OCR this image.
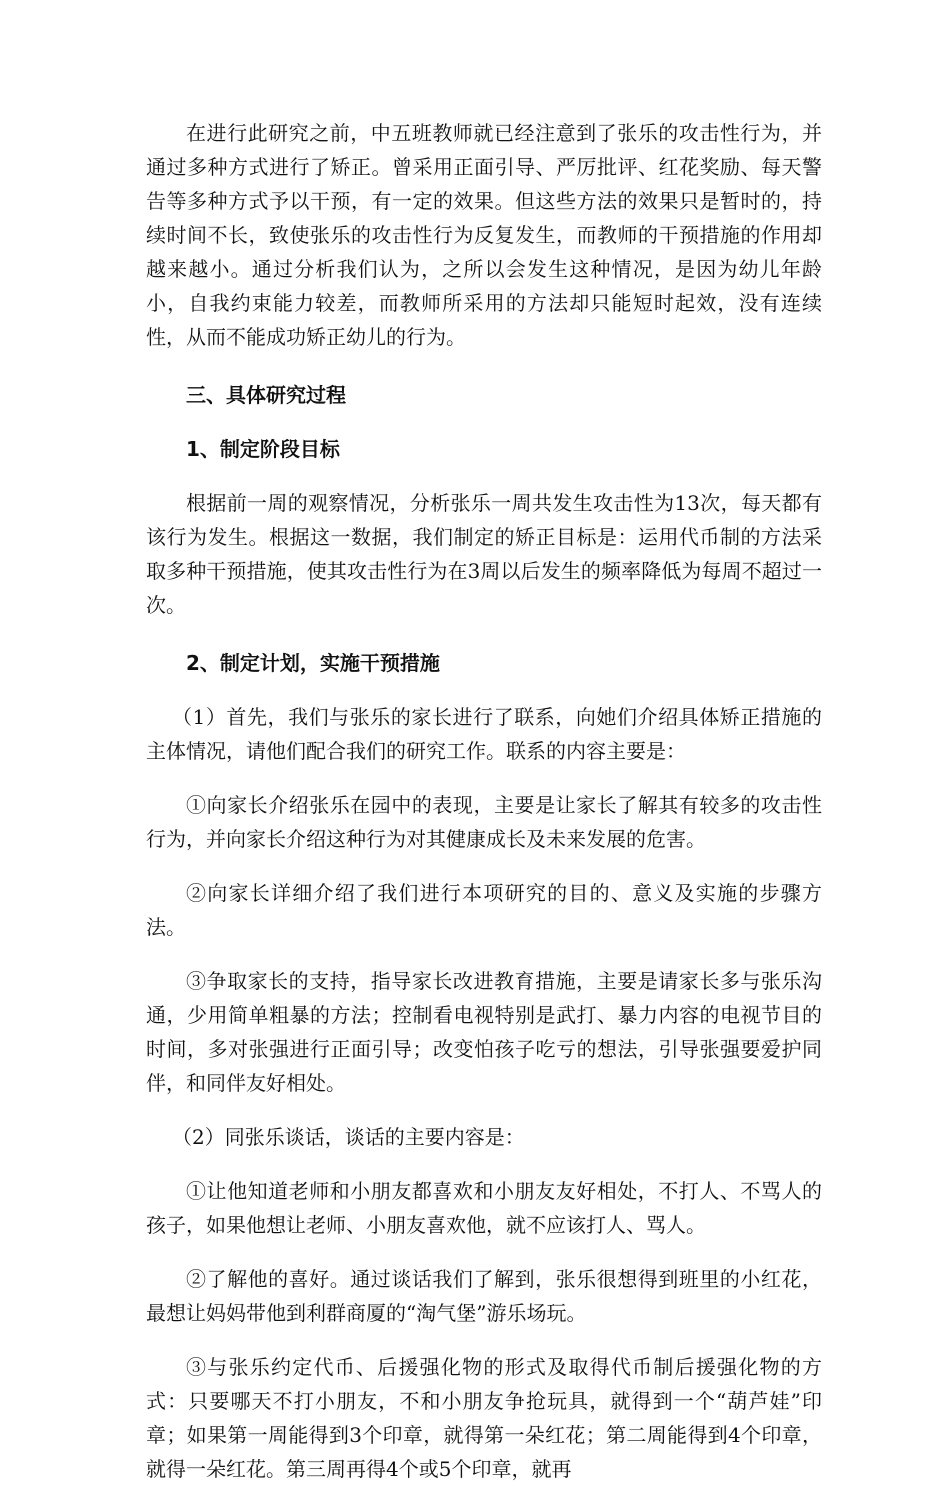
在进行此研究之前，中五班教师就已经注意到了张乐的攻击性行为，并通过多种方式进行了矫正。曾采用正面引导、严厉批评、红花奖励、每天警告等多种方式予以干预，有一定的效果。但这些方法的效果只是暂时的，持续时间不长，致使张乐的攻击性行为反复发生，而教师的干预措施的作用却越来越小。通过分析我们认为，之所以会发生这种情况，是因为幼儿年龄小，自我约束能力较差，而教师所采用的方法却只能短时起效，没有连续性，从而不能成功矫正幼儿的行为。

三、具体研究过程

1、制定阶段目标

根据前一周的观察情况，分析张乐一周共发生攻击性为13次，每天都有该行为发生。根据这一数据，我们制定的矫正目标是：运用代币制的方法采取多种干预措施，使其攻击性行为在3周以后发生的频率降低为每周不超过一次。

2、制定计划，实施干预措施

（1）首先，我们与张乐的家长进行了联系，向她们介绍具体矫正措施的主体情况，请他们配合我们的研究工作。联系的内容主要是：

①向家长介绍张乐在园中的表现，主要是让家长了解其有较多的攻击性行为，并向家长介绍这种行为对其健康成长及未来发展的危害。

②向家长详细介绍了我们进行本项研究的目的、意义及实施的步骤方法。

③争取家长的支持，指导家长改进教育措施，主要是请家长多与张乐沟通，少用简单粗暴的方法；控制看电视特别是武打、暴力内容的电视节目的时间，多对张强进行正面引导；改变怕孩子吃亏的想法，引导张强要爱护同伴，和同伴友好相处。

（2）同张乐谈话，谈话的主要内容是：

①让他知道老师和小朋友都喜欢和小朋友友好相处，不打人、不骂人的孩子，如果他想让老师、小朋友喜欢他，就不应该打人、骂人。

②了解他的喜好。通过谈话我们了解到，张乐很想得到班里的小红花，最想让妈妈带他到利群商厦的“淘气堡”游乐场玩。

③与张乐约定代币、后援强化物的形式及取得代币制后援强化物的方式：只要哪天不打小朋友，不和小朋友争抢玩具，就得到一个“葫芦娃”印章；如果第一周能得到3个印章，就得第一朵红花；第二周能得到4个印章，就得一朵红花。第三周再得4个或5个印章，就再
